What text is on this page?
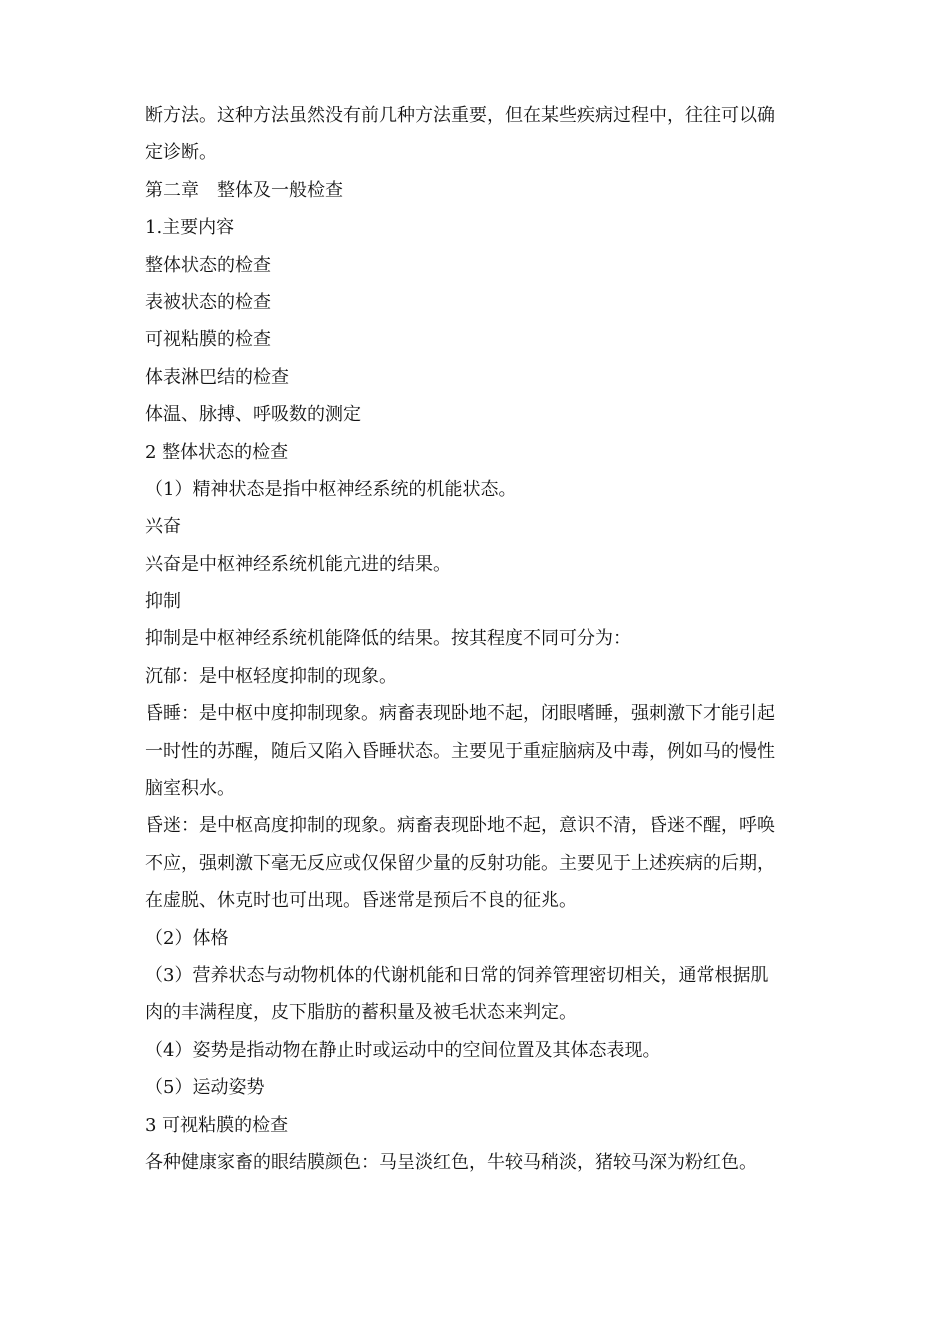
断方法。这种方法虽然没有前几种方法重要，但在某些疾病过程中，往往可以确
定诊断。
第二章　整体及一般检查
1.主要内容
整体状态的检查
表被状态的检查
可视粘膜的检查
体表淋巴结的检查
体温、脉搏、呼吸数的测定
2 整体状态的检查
（1）精神状态是指中枢神经系统的机能状态。
兴奋
兴奋是中枢神经系统机能亢进的结果。
抑制
抑制是中枢神经系统机能降低的结果。按其程度不同可分为：
沉郁：是中枢轻度抑制的现象。
昏睡：是中枢中度抑制现象。病畜表现卧地不起，闭眼嗜睡，强刺激下才能引起
一时性的苏醒，随后又陷入昏睡状态。主要见于重症脑病及中毒，例如马的慢性
脑室积水。
昏迷：是中枢高度抑制的现象。病畜表现卧地不起，意识不清，昏迷不醒，呼唤
不应，强刺激下毫无反应或仅保留少量的反射功能。主要见于上述疾病的后期，
在虚脱、休克时也可出现。昏迷常是预后不良的征兆。
（2）体格
（3）营养状态与动物机体的代谢机能和日常的饲养管理密切相关，通常根据肌
肉的丰满程度，皮下脂肪的蓄积量及被毛状态来判定。
（4）姿势是指动物在静止时或运动中的空间位置及其体态表现。
（5）运动姿势
3 可视粘膜的检查
各种健康家畜的眼结膜颜色：马呈淡红色，牛较马稍淡，猪较马深为粉红色。
